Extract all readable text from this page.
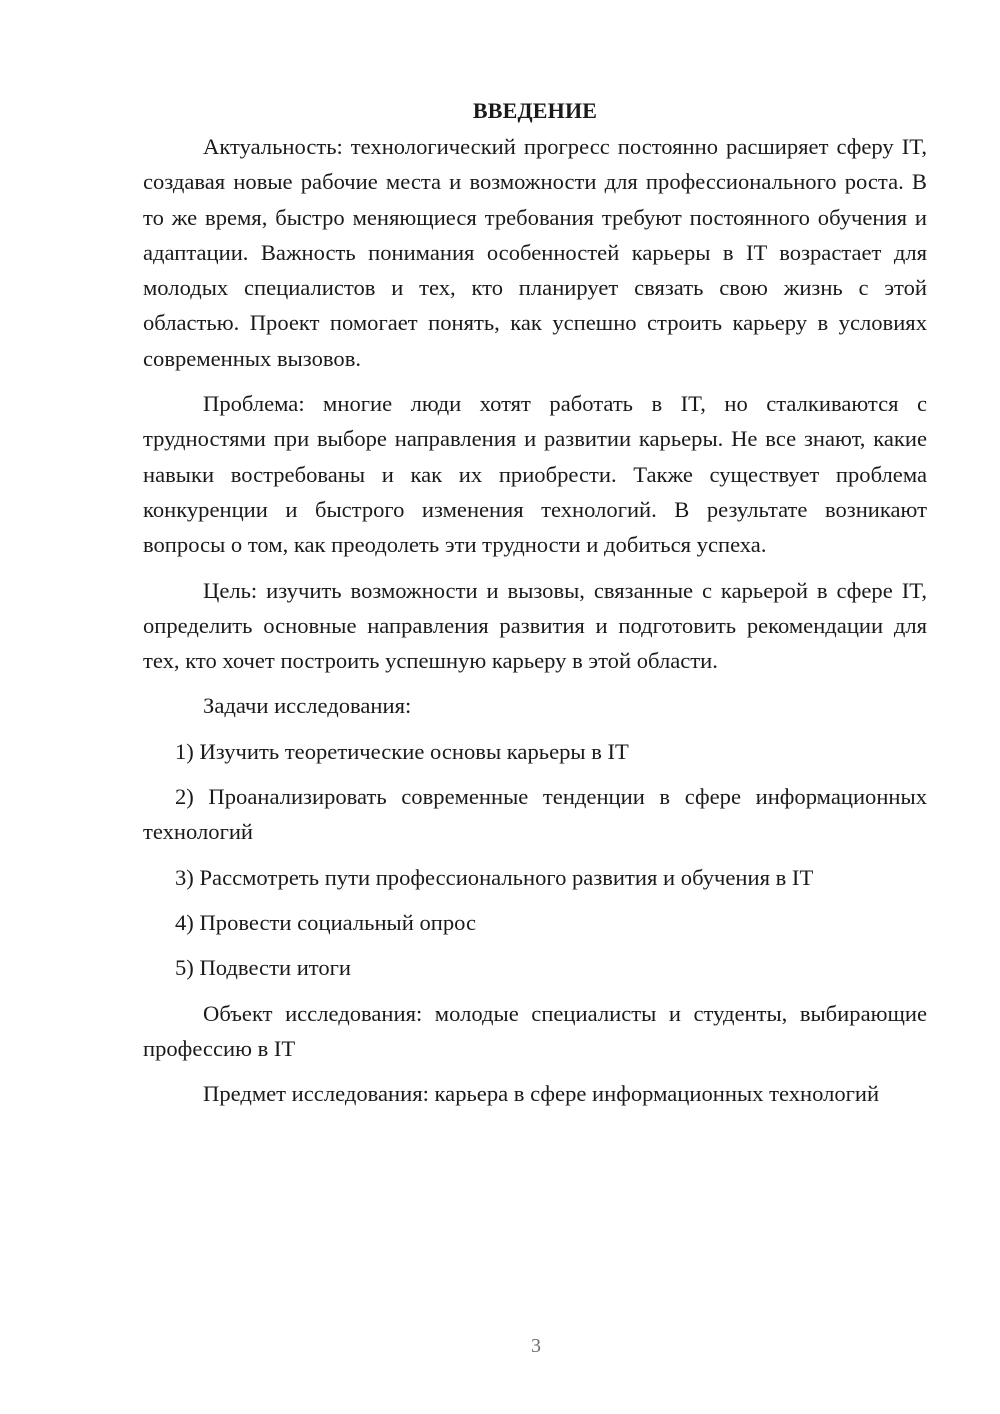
ВВЕДЕНИЕ

Актуальность: технологический прогресс постоянно расширяет сферу IT, создавая новые рабочие места и возможности для профессионального роста. В то же время, быстро меняющиеся требования требуют постоянного обучения и адаптации. Важность понимания особенностей карьеры в IT возрастает для молодых специалистов и тех, кто планирует связать свою жизнь с этой областью. Проект помогает понять, как успешно строить карьеру в условиях современных вызовов.

Проблема: многие люди хотят работать в IT, но сталкиваются с трудностями при выборе направления и развитии карьеры. Не все знают, какие навыки востребованы и как их приобрести. Также существует проблема конкуренции и быстрого изменения технологий. В результате возникают вопросы о том, как преодолеть эти трудности и добиться успеха.

Цель: изучить возможности и вызовы, связанные с карьерой в сфере IT, определить основные направления развития и подготовить рекомендации для тех, кто хочет построить успешную карьеру в этой области.

Задачи исследования:

1) Изучить теоретические основы карьеры в IT

2) Проанализировать современные тенденции в сфере информационных технологий

3) Рассмотреть пути профессионального развития и обучения в IT

4) Провести социальный опрос

5) Подвести итоги

Объект исследования: молодые специалисты и студенты, выбирающие профессию в IT

Предмет исследования: карьера в сфере информационных технологий

3
